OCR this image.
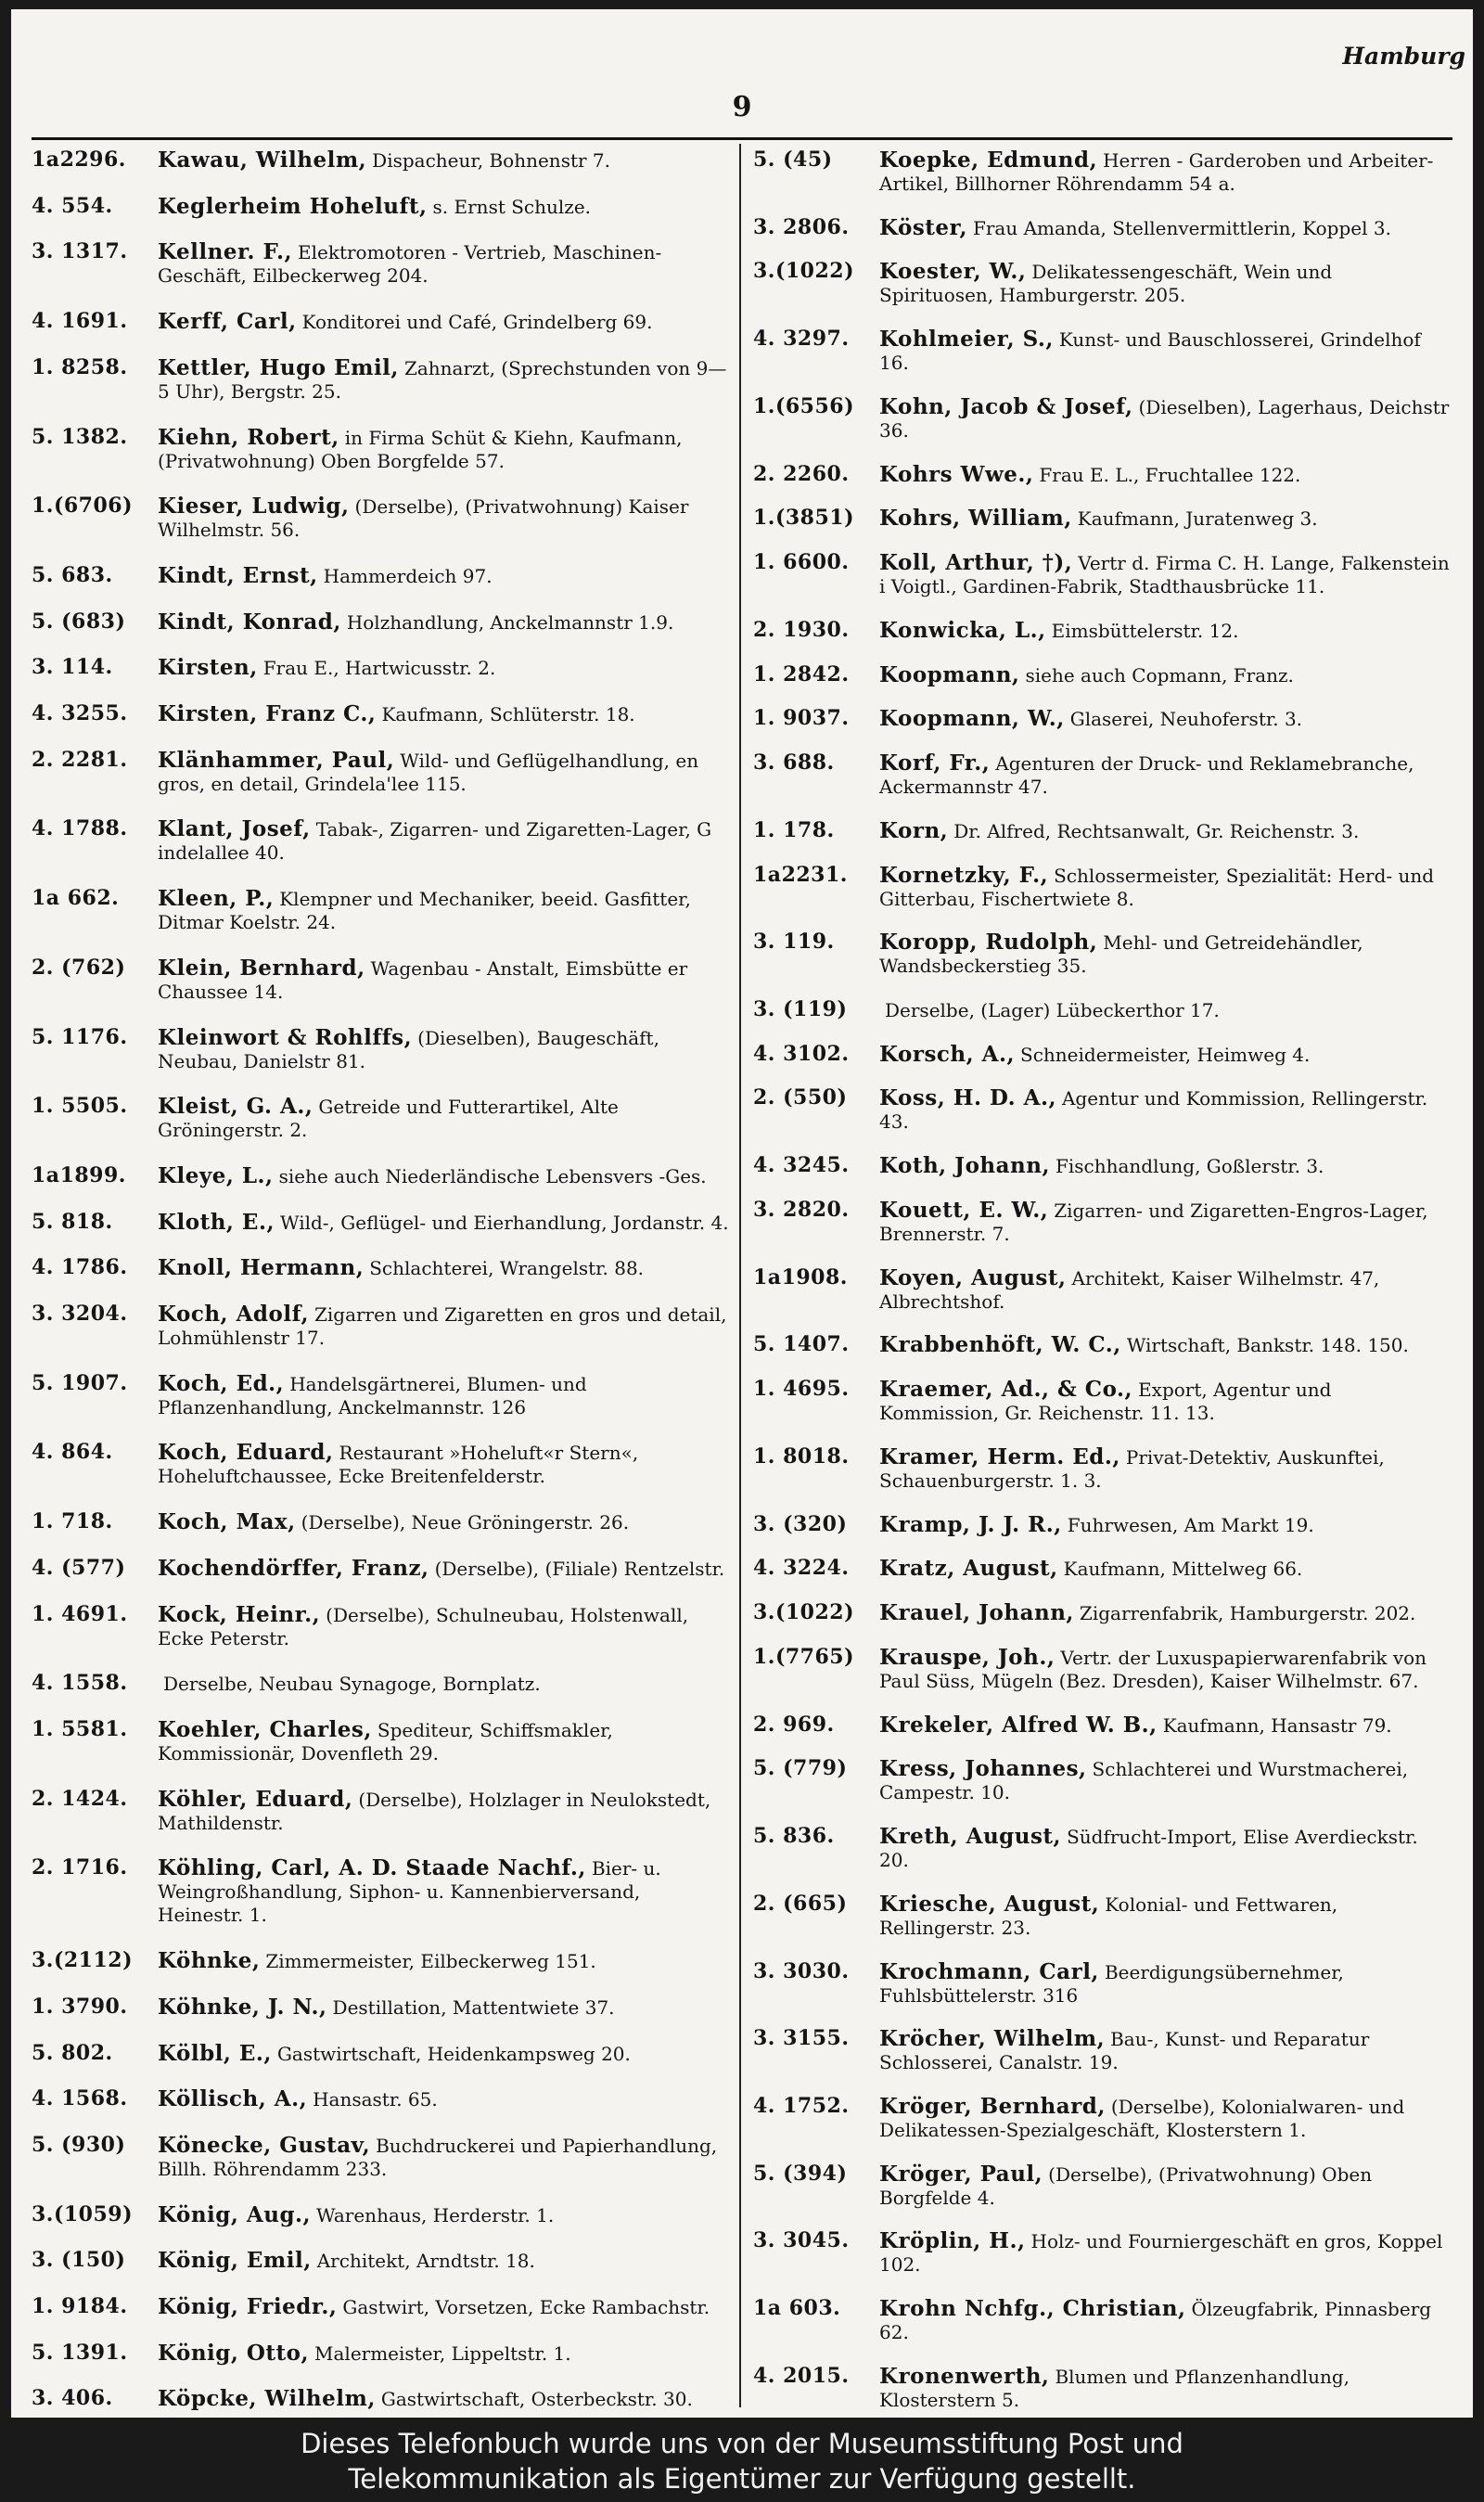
Hamburg
9
1a2296.	Kawau, Wilhelm, Dispacheur, Bohnenstr 7.
4. 554.	Keglerheim Hoheluft, s. Ernst Schulze.
3. 1317.	Kellner. F., Elektromotoren - Vertrieb, Maschinen-Geschäft, Eilbeckerweg 204.
4. 1691.	Kerff, Carl, Konditorei und Café, Grindelberg 69.
1. 8258.	Kettler, Hugo Emil, Zahnarzt, (Sprechstunden von 9—5 Uhr), Bergstr. 25.
5. 1382.	Kiehn, Robert, in Firma Schüt & Kiehn, Kaufmann, (Privatwohnung) Oben Borgfelde 57.
1.(6706)	Kieser, Ludwig, (Derselbe), (Privatwohnung) Kaiser Wilhelmstr. 56.
5. 683.	Kindt, Ernst, Hammerdeich 97.
5. (683)	Kindt, Konrad, Holzhandlung, Anckelmannstr 1.9.
3. 114.	Kirsten, Frau E., Hartwicusstr. 2.
4. 3255.	Kirsten, Franz C., Kaufmann, Schlüterstr. 18.
2. 2281.	Klänhammer, Paul, Wild- und Geflügelhandlung, en gros, en detail, Grindela'lee 115.
4. 1788.	Klant, Josef, Tabak-, Zigarren- und Zigaretten-Lager, G indelallee 40.
1a 662.	Kleen, P., Klempner und Mechaniker, beeid. Gasfitter, Ditmar Koelstr. 24.
2. (762)	Klein, Bernhard, Wagenbau - Anstalt, Eimsbütte er Chaussee 14.
5. 1176.	Kleinwort & Rohlffs, (Dieselben), Baugeschäft, Neubau, Danielstr 81.
1. 5505.	Kleist, G. A., Getreide und Futterartikel, Alte Gröningerstr. 2.
1a1899.	Kleye, L., siehe auch Niederländische Lebensvers -Ges.
5. 818.	Kloth, E., Wild-, Geflügel- und Eierhandlung, Jordanstr. 4.
4. 1786.	Knoll, Hermann, Schlachterei, Wrangelstr. 88.
3. 3204.	Koch, Adolf, Zigarren und Zigaretten en gros und detail, Lohmühlenstr 17.
5. 1907.	Koch, Ed., Handelsgärtnerei, Blumen- und Pflanzenhandlung, Anckelmannstr. 126
4. 864.	Koch, Eduard, Restaurant »Hoheluft«r Stern«, Hoheluftchaussee, Ecke Breitenfelderstr.
1. 718.	Koch, Max, (Derselbe), Neue Gröningerstr. 26.
4. (577)	Kochendörffer, Franz, (Derselbe), (Filiale) Rentzelstr.
1. 4691.	Kock, Heinr., (Derselbe), Schulneubau, Holstenwall, Ecke Peterstr.
4. 1558.	Derselbe, Neubau Synagoge, Bornplatz.
1. 5581.	Koehler, Charles, Spediteur, Schiffsmakler, Kommissionär, Dovenfleth 29.
2. 1424.	Köhler, Eduard, (Derselbe), Holzlager in Neulokstedt, Mathildenstr.
2. 1716.	Köhling, Carl, A. D. Staade Nachf., Bier- u. Weingroßhandlung, Siphon- u. Kannenbierversand, Heinestr. 1.
3.(2112)	Köhnke, Zimmermeister, Eilbeckerweg 151.
1. 3790.	Köhnke, J. N., Destillation, Mattentwiete 37.
5. 802.	Kölbl, E., Gastwirtschaft, Heidenkampsweg 20.
4. 1568.	Köllisch, A., Hansastr. 65.
5. (930)	Könecke, Gustav, Buchdruckerei und Papierhandlung, Billh. Röhrendamm 233.
3.(1059)	König, Aug., Warenhaus, Herderstr. 1.
3. (150)	König, Emil, Architekt, Arndtstr. 18.
1. 9184.	König, Friedr., Gastwirt, Vorsetzen, Ecke Rambachstr.
5. 1391.	König, Otto, Malermeister, Lippeltstr. 1.
3. 406.	Köpcke, Wilhelm, Gastwirtschaft, Osterbeckstr. 30.
5. (45)	Koepke, Edmund, Herren - Garderoben und Arbeiter-Artikel, Billhorner Röhrendamm 54 a.
3. 2806.	Köster, Frau Amanda, Stellenvermittlerin, Koppel 3.
3.(1022)	Koester, W., Delikatessengeschäft, Wein und Spirituosen, Hamburgerstr. 205.
4. 3297.	Kohlmeier, S., Kunst- und Bauschlosserei, Grindelhof 16.
1.(6556)	Kohn, Jacob & Josef, (Dieselben), Lagerhaus, Deichstr 36.
2. 2260.	Kohrs Wwe., Frau E. L., Fruchtallee 122.
1.(3851)	Kohrs, William, Kaufmann, Juratenweg 3.
1. 6600.	Koll, Arthur, †), Vertr d. Firma C. H. Lange, Falkenstein i Voigtl., Gardinen-Fabrik, Stadthausbrücke 11.
2. 1930.	Konwicka, L., Eimsbüttelerstr. 12.
1. 2842.	Koopmann, siehe auch Copmann, Franz.
1. 9037.	Koopmann, W., Glaserei, Neuhoferstr. 3.
3. 688.	Korf, Fr., Agenturen der Druck- und Reklamebranche, Ackermannstr 47.
1. 178.	Korn, Dr. Alfred, Rechtsanwalt, Gr. Reichenstr. 3.
1a2231.	Kornetzky, F., Schlossermeister, Spezialität: Herd- und Gitterbau, Fischertwiete 8.
3. 119.	Koropp, Rudolph, Mehl- und Getreidehändler, Wandsbeckerstieg 35.
3. (119)	Derselbe, (Lager) Lübeckerthor 17.
4. 3102.	Korsch, A., Schneidermeister, Heimweg 4.
2. (550)	Koss, H. D. A., Agentur und Kommission, Rellingerstr. 43.
4. 3245.	Koth, Johann, Fischhandlung, Goßlerstr. 3.
3. 2820.	Kouett, E. W., Zigarren- und Zigaretten-Engros-Lager, Brennerstr. 7.
1a1908.	Koyen, August, Architekt, Kaiser Wilhelmstr. 47, Albrechtshof.
5. 1407.	Krabbenhöft, W. C., Wirtschaft, Bankstr. 148. 150.
1. 4695.	Kraemer, Ad., & Co., Export, Agentur und Kommission, Gr. Reichenstr. 11. 13.
1. 8018.	Kramer, Herm. Ed., Privat-Detektiv, Auskunftei, Schauenburgerstr. 1. 3.
3. (320)	Kramp, J. J. R., Fuhrwesen, Am Markt 19.
4. 3224.	Kratz, August, Kaufmann, Mittelweg 66.
3.(1022)	Krauel, Johann, Zigarrenfabrik, Hamburgerstr. 202.
1.(7765)	Krauspe, Joh., Vertr. der Luxuspapierwarenfabrik von Paul Süss, Mügeln (Bez. Dresden), Kaiser Wilhelmstr. 67.
2. 969.	Krekeler, Alfred W. B., Kaufmann, Hansastr 79.
5. (779)	Kress, Johannes, Schlachterei und Wurstmacherei, Campestr. 10.
5. 836.	Kreth, August, Südfrucht-Import, Elise Averdieckstr. 20.
2. (665)	Kriesche, August, Kolonial- und Fettwaren, Rellingerstr. 23.
3. 3030.	Krochmann, Carl, Beerdigungsübernehmer, Fuhlsbüttelerstr. 316
3. 3155.	Kröcher, Wilhelm, Bau-, Kunst- und Reparatur Schlosserei, Canalstr. 19.
4. 1752.	Kröger, Bernhard, (Derselbe), Kolonialwaren- und Delikatessen-Spezialgeschäft, Klosterstern 1.
5. (394)	Kröger, Paul, (Derselbe), (Privatwohnung) Oben Borgfelde 4.
3. 3045.	Kröplin, H., Holz- und Fourniergeschäft en gros, Koppel 102.
1a 603.	Krohn Nchfg., Christian, Ölzeugfabrik, Pinnasberg 62.
4. 2015.	Kronenwerth, Blumen und Pflanzenhandlung, Klosterstern 5.
Dieses Telefonbuch wurde uns von der Museumsstiftung Post und
Telekommunikation als Eigentümer zur Verfügung gestellt.
